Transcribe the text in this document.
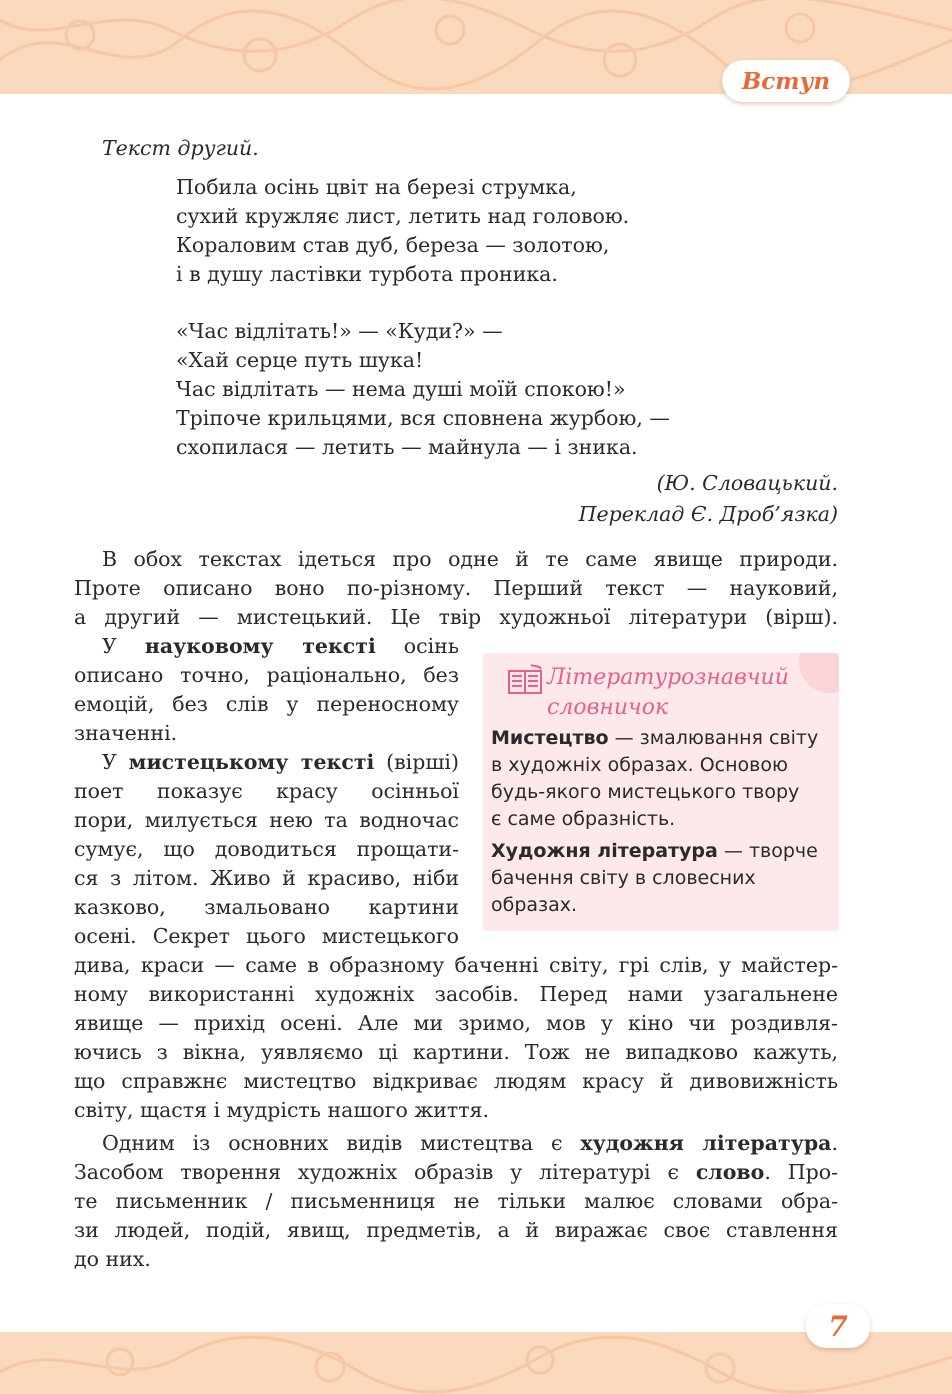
Вступ
Текст другий.
Побила осінь цвіт на березі струмка,
сухий кружляє лист, летить над головою.
Кораловим став дуб, береза — золотою,
і в душу ластівки турбота проника.
«Час відлітать!» — «Куди?» —
«Хай серце путь шука!
Час відлітать — нема душі моїй спокою!»
Тріпоче крильцями, вся сповнена журбою, —
схопилася — летить — майнула — і зника.
(Ю. Словацький.
Переклад Є. Дроб’язка)
В обох текстах ідеться про одне й те саме явище природи.
Проте описано воно по-різному. Перший текст — науковий,
а другий — мистецький. Це твір художньої літератури (вірш).
У науковому тексті осінь
описано точно, раціонально, без
емоцій, без слів у переносному
значенні.
У мистецькому тексті (вірші)
поет показує красу осінньої
пори, милується нею та водночас
сумує, що доводиться прощати-
ся з літом. Живо й красиво, ніби
казково, змальовано картини
осені. Секрет цього мистецького
дива, краси — саме в образному баченні світу, грі слів, у майстер-
ному використанні художніх засобів. Перед нами узагальнене
явище — прихід осені. Але ми зримо, мов у кіно чи роздивля-
ючись з вікна, уявляємо ці картини. Тож не випадково кажуть,
що справжнє мистецтво відкриває людям красу й дивовижність
світу, щастя і мудрість нашого життя.
Одним із основних видів мистецтва є художня література.
Засобом творення художніх образів у літературі є слово. Про-
те письменник / письменниця не тільки малює словами обра-
зи людей, подій, явищ, предметів, а й виражає своє ставлення
до них.
Літературознавчий
словничок

Мистецтво — змалювання світу
в художніх образах. Основою
будь-якого мистецького твору
є саме образність.

Художня література — творче
бачення світу в словесних
образах.

7
